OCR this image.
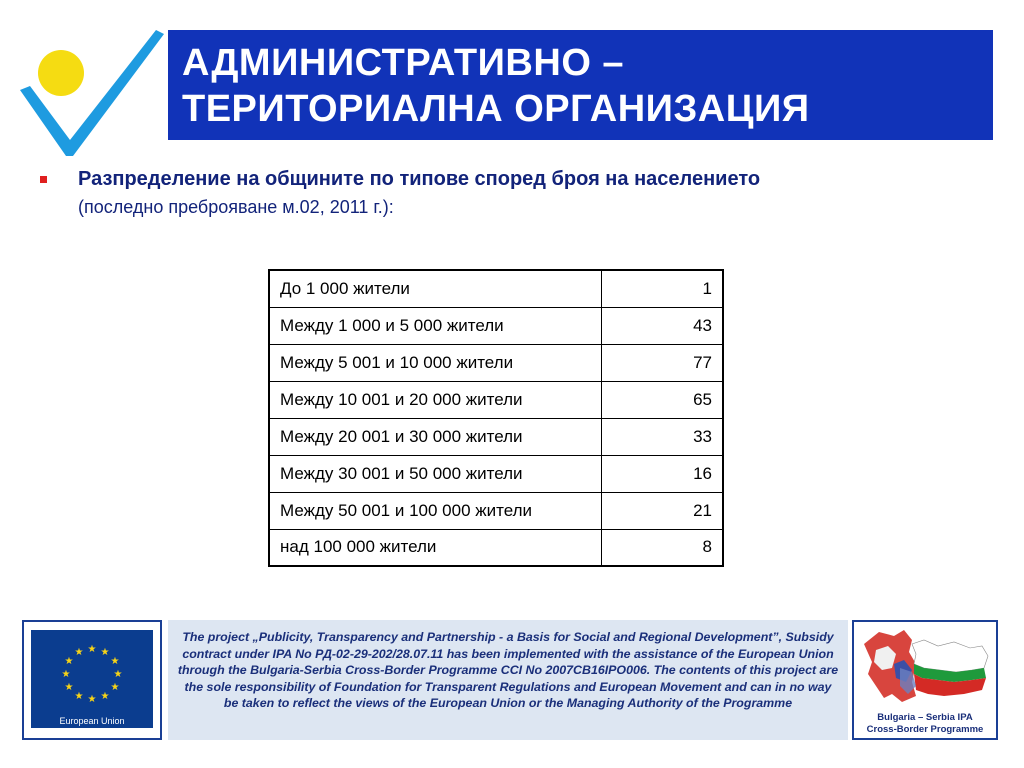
АДМИНИСТРАТИВНО –
ТЕРИТОРИАЛНА ОРГАНИЗАЦИЯ
Разпределение на общините по типове според броя на населението
(последно преброяване м.02, 2011 г.):
До 1 000 жители	1
Между 1 000 и 5 000 жители	43
Между 5 001 и 10 000 жители	77
Между 10 001 и 20 000 жители	65
Между 20 001 и 30 000 жители	33
Между 30 001 и 50 000 жители	16
Между 50 001 и 100 000 жители	21
над 100 000 жители	8
★ ★
★
★
★
★
★
★
★
★
★
★
European Union
The project „Publicity, Transparency and Partnership - a Basis for Social and Regional Development”, Subsidy contract under IPA No РД-02-29-202/28.07.11 has been implemented with the assistance of the European Union through the Bulgaria-Serbia Cross-Border Programme CCI No 2007CB16IPO006. The contents of this project are the sole responsibility of Foundation for Transparent Regulations and European Movement and can in no way be taken to reflect the views of the European Union or the Managing Authority of the Programme
Bulgaria – Serbia IPA
Cross-Border Programme
